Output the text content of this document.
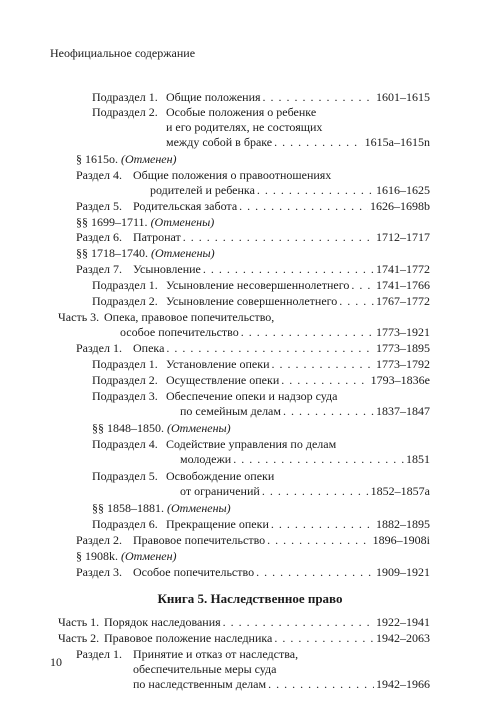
Неофициальное содержание
Подраздел 1. Общие положения . . .	1601–1615
Подраздел 2. Особые положения о ребенке
и его родителях, не состоящих
между собой в браке . . .	1615а–1615n
§ 1615о. (Отменен)
Раздел 4. Общие положения о правоотношениях
родителей и ребенка . . .	1616–1625
Раздел 5. Родительская забота . . .	1626–1698b
§§ 1699–1711. (Отменены)
Раздел 6. Патронат . . .	1712–1717
§§ 1718–1740. (Отменены)
Раздел 7. Усыновление . . .	1741–1772
Подраздел 1. Усыновление несовершеннолетнего . . . 1741–1766
Подраздел 2. Усыновление совершеннолетнего . . .	1767–1772
Часть 3. Опека, правовое попечительство,
особое попечительство . . .	1773–1921
Раздел 1. Опека . . .	1773–1895
Подраздел 1. Установление опеки . . .	1773–1792
Подраздел 2. Осуществление опеки . . .	1793–1836е
Подраздел 3. Обеспечение опеки и надзор суда
по семейным делам . . .	1837–1847
§§ 1848–1850. (Отменены)
Подраздел 4. Содействие управления по делам
молодежи . . .	1851
Подраздел 5. Освобождение опеки
от ограничений . . .	1852–1857a
§§ 1858–1881. (Отменены)
Подраздел 6. Прекращение опеки . . .	1882–1895
Раздел 2. Правовое попечительство . . .	1896–1908i
§ 1908k. (Отменен)
Раздел 3. Особое попечительство . . .	1909–1921
Часть 1. Порядок наследования . . .	1922–1941
Часть 2. Правовое положение наследника . . .	1942–2063
Раздел 1. Принятие и отказ от наследства,
обеспечительные меры суда
по наследственным делам . . .	1942–1966
Книга 5. Наследственное право
10
